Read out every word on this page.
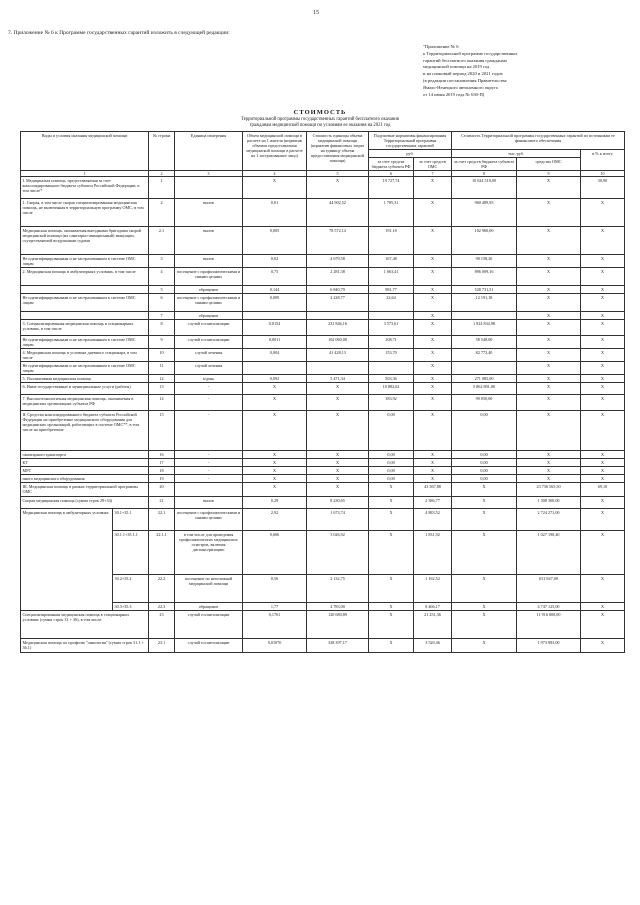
15
7. Приложение № 6 к Программе государственных гарантий изложить в следующей редакции:
"Приложение № 6
к Территориальной программе государственных
гарантий бесплатного оказания гражданам
медицинской помощи на 2019 год
и на плановый период 2020 и 2021 годов
(в редакции постановления Правительства
Ямало-Ненецкого автономного округа
от 14 июня 2019 года № 630-П)
СТОИМОСТЬ
Территориальной программы государственных гарантий бесплатного оказания
гражданам медицинской помощи по условиям ее оказания на 2021 год
Виды и условия оказания медицинской помощи		№ строки	Единица измерения	Объем медицинской помощи в расчете на 1 жителя (норматив объемов предоставления медицинской помощи в расчете на 1 застрахованное лицо)	Стоимость единицы объема медицинской помощи (норматив финансовых затрат на единицу объема предоставления медицинской помощи)	Подушевые нормативы финансирования Территориальной программы государственных гарантий		Стоимость Территориальной программы государственных гарантий по источникам ее финансового обеспечения		
						руб.		тыс. руб.		в % к итогу
						за счет средств бюджета субъекта РФ	за счет средств ОМС	за счет средств бюджета субъекта РФ	средства ОМС	
1		2	3	4	5	6	7	8	9	10
I. Медицинская помощь, предоставляемая за счет консолидированного бюджета субъекта Российской Федерации, в том числе*		1		X	X	19 727,74	X	10 624 518,00	X	30,90
1. Скорая, в том числе скорая специализированная медицинская помощь, не включенная в территориальную программу ОМС, в том числе		2	вызов	0,01	44 902,52	1 785,31	X	960 489,95	X	X
Медицинская помощь, оказываемая выездными бригадами скорой медицинской помощи (на санитарно-авиационный) эвакуации, осуществляемой воздушными судами		2.1	вызов	0,005	78 572,14	191,18	X	102 960,00	X	X
Не идентифицированным и не застрахованным в системе ОМС лицам		3	вызов	0,02	4 679,58	167,48	X	90 158,20	X	X
2. Медицинская помощь в амбулаторных условиях, в том числе		4	посещение с профилактическими и иными целями	0,75	2 281,38	1 663,41	X	896 009,16	X	X
		5	обращение	0,144	6 840,79	981,77	X	528 731,51	X	X
Не идентифицированным и не застрахованным в системе ОМС лицам		6	посещение с профилактическими и иными целями	0,009	2 228,77	22,64	X	12 191,18	X	X
		7	обращение				X		X	X
3. Специализированная медицинская помощь в стационарных условиях, в том числе		8	случай госпитализации	0,0154	231 846,16	3 573,61	X	1 924 834,98	X	X
Не идентифицированным и не застрахованным в системе ОМС лицам		9	случай госпитализации	0,0011	102 060,00	108,71	X	58 548,00	X	X
4. Медицинская помощь в условиях дневного стационара, в том числе		10	случай лечения	0,004	41 428,13	153,70	X	82 773,40	X	X
Не идентифицированным и не застрахованным в системе ОМС лицам		11	случай лечения				X		X	X
5. Паллиативная медицинская помощь		12	к/день	0,092	5 471,34	503,36	X	271 085,00	X	X
6. Иные государственные и муниципальные услуги (работы)		13	-	X	X	10 882,62	X	5 862 801,00	X	X
7. Высокотехнологичная медицинская помощь, оказываемая в медицинских организациях субъекта РФ		14	-	X	X	183,92	X	99 050,00	X	X
II. Средства консолидированного бюджета субъекта Российской Федерации на приобретение медицинского оборудования для медицинских организаций, работающих в системе ОМС**, в том числе на приобретение		15	-	X	X	0,00	X	0,00	X	X
санитарного транспорта		16	-	X	X	0,00	X	0,00	X	X
КТ		17	-	X	X	0,00	X	0,00	X	X
МРТ		18	-	X	X	0,00	X	0,00	X	X
иного медицинского оборудования		19	-	X	X	0,00	X	0,00	X	X
III. Медицинская помощь в рамках территориальной программы ОМС		20		X	X	X	43 367,88	X	23 736 565,50	69,10
Скорая медицинская помощь (сумма строк 29+34)		21	вызов	0,29	8 230,65	X	2 386,77	X	1 308 300,00	X
Медицинская помощь в амбулаторных условиях	30.1+35.1	22.1	посещение с профилактическими и иными целями	2,92	1 673,74	X	4 883,52	X	2 724 271,00	X
	30.1.1+35.1.1	22.1.1	в том числе для проведения профилактических медицинских осмотров, включая диспансеризацию	0,606	3 026,92	X	1 831,92	X	1 027 190,40	X
	30.2+35.2	22.2	посещение по неотложной медицинской помощи	0,56	2 132,75	X	1 162,52	X	651 847,00	X
	30.3+35.3	22.3	обращение	1,77	4 783,00	X	8 466,17	X	4 747 125,00	X
Специализированная медицинская помощь в стационарных условиях (сумма строк 31 + 36), в том числе		23	случай госпитализации	0,1761	120 680,89	X	21 251,36	X	11 916 000,00	X
Медицинская помощь по профилю "онкология" (сумма строк 31.1 + 36.1)		23.1	случай госпитализации	0,01070	328 397,17	X	3 520,46	X	1 973 983,00	X
